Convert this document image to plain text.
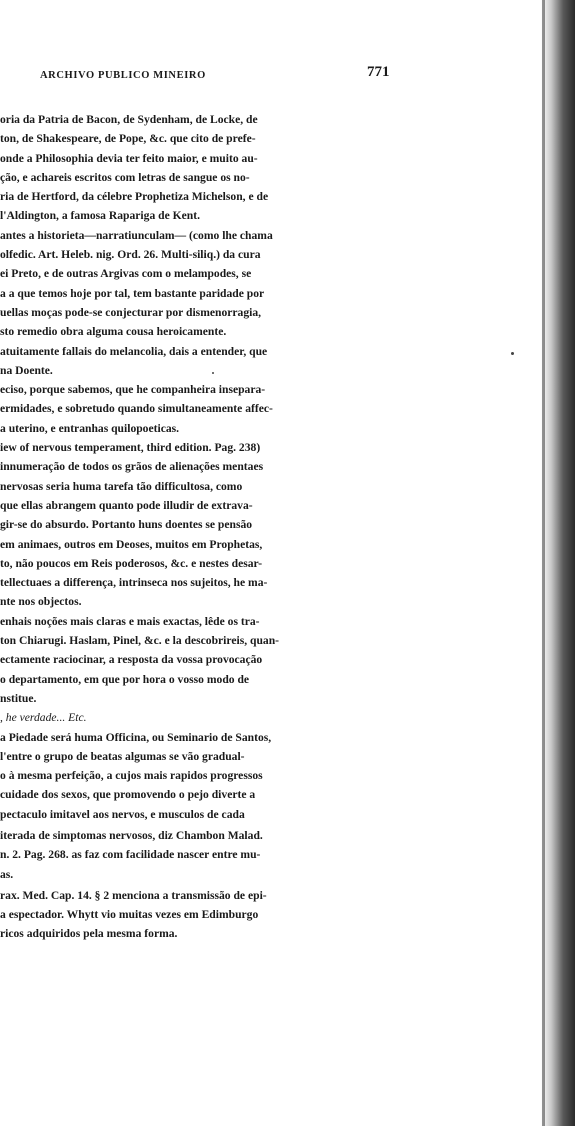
ARCHIVO PUBLICO MINEIRO	771
oria da Patria de Bacon, de Sydenham, de Locke, de
ton, de Shakespeare, de Pope, &c. que cito de prefe-
onde a Philosophia devia ter feito maior, e muito au-
ção, e achareis escritos com letras de sangue os no-
ria de Hertford, da célebre Prophetiza Michelson, e de
l'Aldington, a famosa Rapariga de Kent.
antes a historieta—narratiunculam— (como lhe chama
olfedic. Art. Heleb. nig. Ord. 26. Multi-siliq.) da cura
ei Preto, e de outras Argivas com o melampodes, se
a a que temos hoje por tal, tem bastante paridade por
uellas moças pode-se conjecturar por dismenorragia,
sto remedio obra alguma cousa heroicamente.
atuitamente fallais do melancolia, dais a entender, que
na Doente.
eciso, porque sabemos, que he companheira insepara-
ermidades, e sobretudo quando simultaneamente affec-
a uterino, e entranhas quilopoeticas.
iew of nervous temperament, third edition. Pag. 238)
innumeração de todos os grãos de alienações mentaes
nervosas seria huma tarefa tão difficultosa, como
que ellas abrangem quanto pode illudir de extrava-
gir-se do absurdo. Portanto huns doentes se pensão
em animaes, outros em Deoses, muitos em Prophetas,
to, não poucos em Reis poderosos, &c. e nestes desar-
tellectuaes a differença, intrinseca nos sujeitos, he ma-
nte nos objectos.
enhais noções mais claras e mais exactas, lêde os tra-
ton Chiarugi. Haslam, Pinel, &c. e la descobrireis, quan-
ectamente raciocinar, a resposta da vossa provocação
o departamento, em que por hora o vosso modo de
nstitue.
, he verdade... Etc.
a Piedade será huma Officina, ou Seminario de Santos,
l'entre o grupo de beatas algumas se vão gradual-
o à mesma perfeição, a cujos mais rapidos progressos
cuidade dos sexos, que promovendo o pejo diverte a
pectaculo imitavel aos nervos, e musculos de cada
iterada de simptomas nervosos, diz Chambon Malad.
n. 2. Pag. 268. as faz com facilidade nascer entre mu-
as.
rax. Med. Cap. 14. § 2 menciona a transmissão de epi-
a espectador. Whytt vio muitas vezes em Edimburgo
ricos adquiridos pela mesma forma.
